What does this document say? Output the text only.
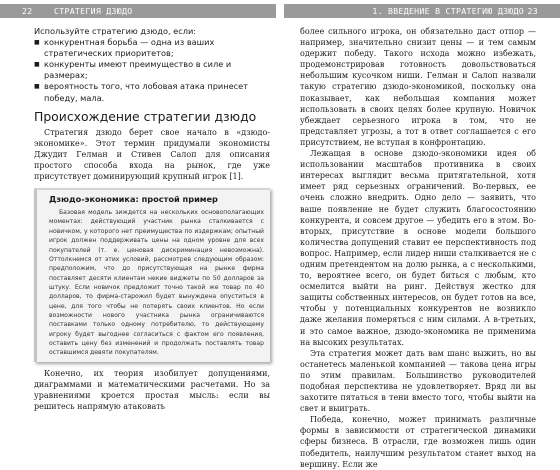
22	СТРАТЕГИЯ ДЗЮДО

Используйте стратегию дзюдо, если:

■ конкурентная борьба — одна из ваших стратегических приоритетов;
■ конкуренты имеют преимущество в силе и размерах;
■ вероятность того, что лобовая атака принесет победу, мала.
Происхождение стратегии дзюдо

Стратегия дзюдо берет свое начало в «дзюдо-экономике». Этот термин придумали экономисты Джудит Гелман и Стивен Салоп для описания простого способа входа на рынок, где уже присутствует доминирующий крупный игрок [1].

Дзюдо-экономика: простой пример

Базовая модель зиждется на нескольких основополагающих моментах: действующий участник рынка сталкивается с новичком, у которого нет преимущества по издержкам; опытный игрок должен поддерживать цены на одном уровне для всех покупателей (т. е. ценовая дискриминация невозможна). Оттолкнемся от этих условий, рассмотрев следующим образом: предположим, что до присутствующая на рынке фирма поставляет десяти клиентам некие виджеты по 50 долларов за штуку. Если новичок предложит точно такой же товар по 40 долларов, то фирма-старожил будет вынуждена опуститься в цене, для того чтобы не потерять своих клиентов. Но если возможности нового участника рынка ограничиваются поставками только одному потребителю, то действующему игроку будет выгоднее согласиться с фактом его появления, оставить цену без изменений и продолжать поставлять товар оставшимся девяти покупателям.

Конечно, их теория изобилует допущениями, диаграммами и математическими расчетами. Но за уравнениями кроется простая мысль: если вы решитесь напрямую атаковать

1. ВВЕДЕНИЕ В СТРАТЕГИЮ ДЗЮДО 23

более сильного игрока, он обязательно даст отпор — например, значительно снизит цены — и тем самым одержит победу. Такого исхода можно избежать, продемонстрировав готовность довольствоваться небольшим кусочком ниши. Гелман и Салоп назвали такую стратегию дзюдо-экономикой, поскольку она показывает, как небольшая компания может использовать в своих целях более крупную. Новичок убеждает серьезного игрока в том, что не представляет угрозы, а тот в ответ соглашается с его присутствием, не вступая в конфронтацию.

Лежащая в основе дзюдо-экономики идея об использовании масштабов противника в своих интересах выглядит весьма притягательной, хотя имеет ряд серьезных ограничений. Во-первых, ее очень сложно внедрить. Одно дело — заявить, что ваше появление не будет служить благосостоянию конкурента, и совсем другое — убедить его в этом. Во-вторых, присутствие в основе модели большого количества допущений ставит ее перспективность под вопрос. Например, если лидер ниши сталкивается не с одним претендентом на долю рынка, а с несколькими, то, вероятнее всего, он будет биться с любым, кто осмелится выйти на ринг. Действуя жестко для защиты собственных интересов, он будет готов на все, чтобы у потенциальных конкурентов не возникло даже желания померяться с ним силами. А в-третьих, и это самое важное, дзюдо-экономика не применима на высоких результатах.

Эта стратегия может дать вам шанс выжить, но вы останетесь маленькой компанией — такова цена игры по этим правилам. Большинство руководителей подобная перспектива не удовлетворяет. Вряд ли вы захотите пятаться в тени вместо того, чтобы выйти на свет и выиграть.

Победа, конечно, может принимать различные формы в зависимости от стратегической динамики сферы бизнеса. В отрасли, где возможен лишь один победитель, наилучшим результатом станет выход на вершину. Если же
